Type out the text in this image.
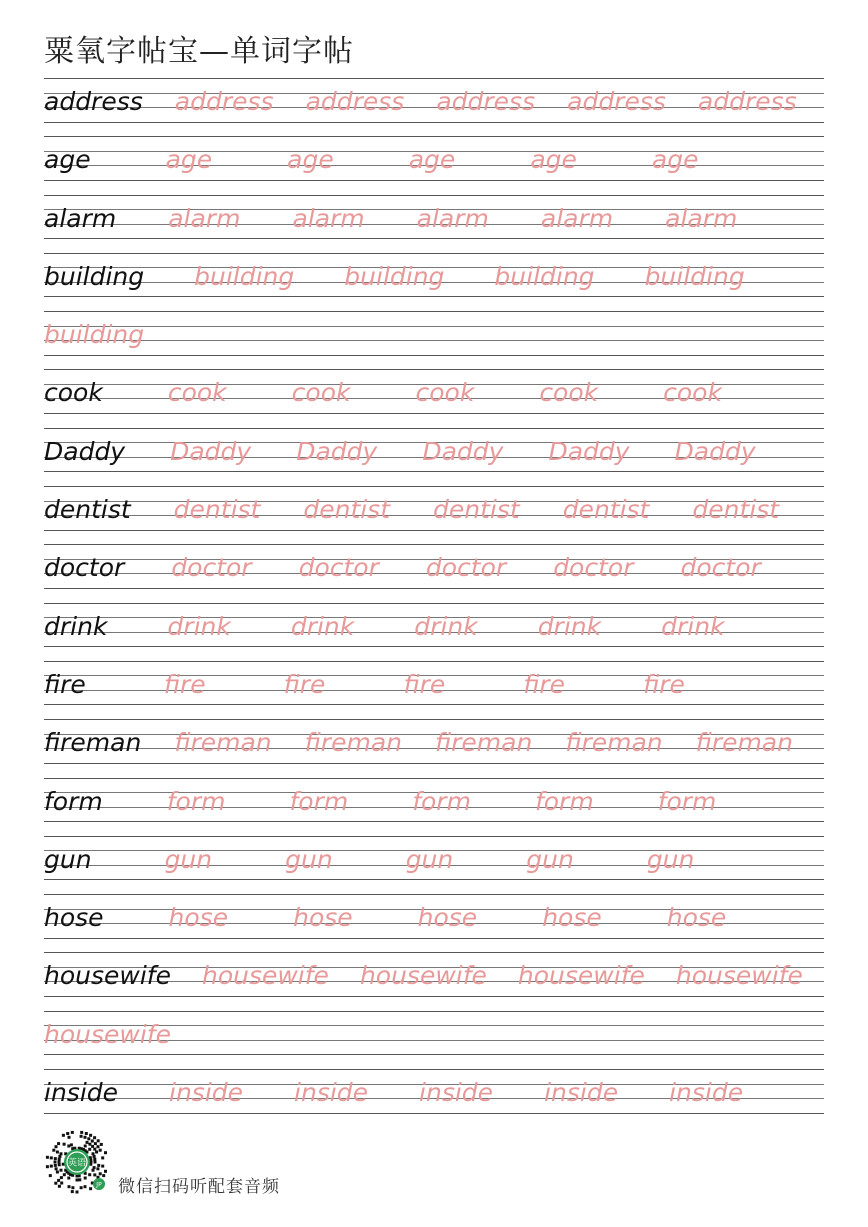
粟氧字帖宝—单词字帖
address address address address address address
age	age	age	age	age	age
alarm alarm alarm alarm alarm alarm
building building building building building
building
cook	cook	cook	cook	cook	cook
Daddy Daddy Daddy Daddy Daddy Daddy
dentist dentist dentist dentist dentist dentist
doctor doctor doctor doctor doctor doctor
drink drink drink drink drink drink
fire	fire	fire	fire	fire	fire
fireman fireman fireman fireman fireman fireman
form	form	form	form	form	form
gun	gun	gun	gun	gun	gun
hose	hose	hose	hose	hose	hose
housewife housewife housewife housewife housewife
housewife
inside inside inside inside inside inside
英语
JP 微信扫码听配套音频
